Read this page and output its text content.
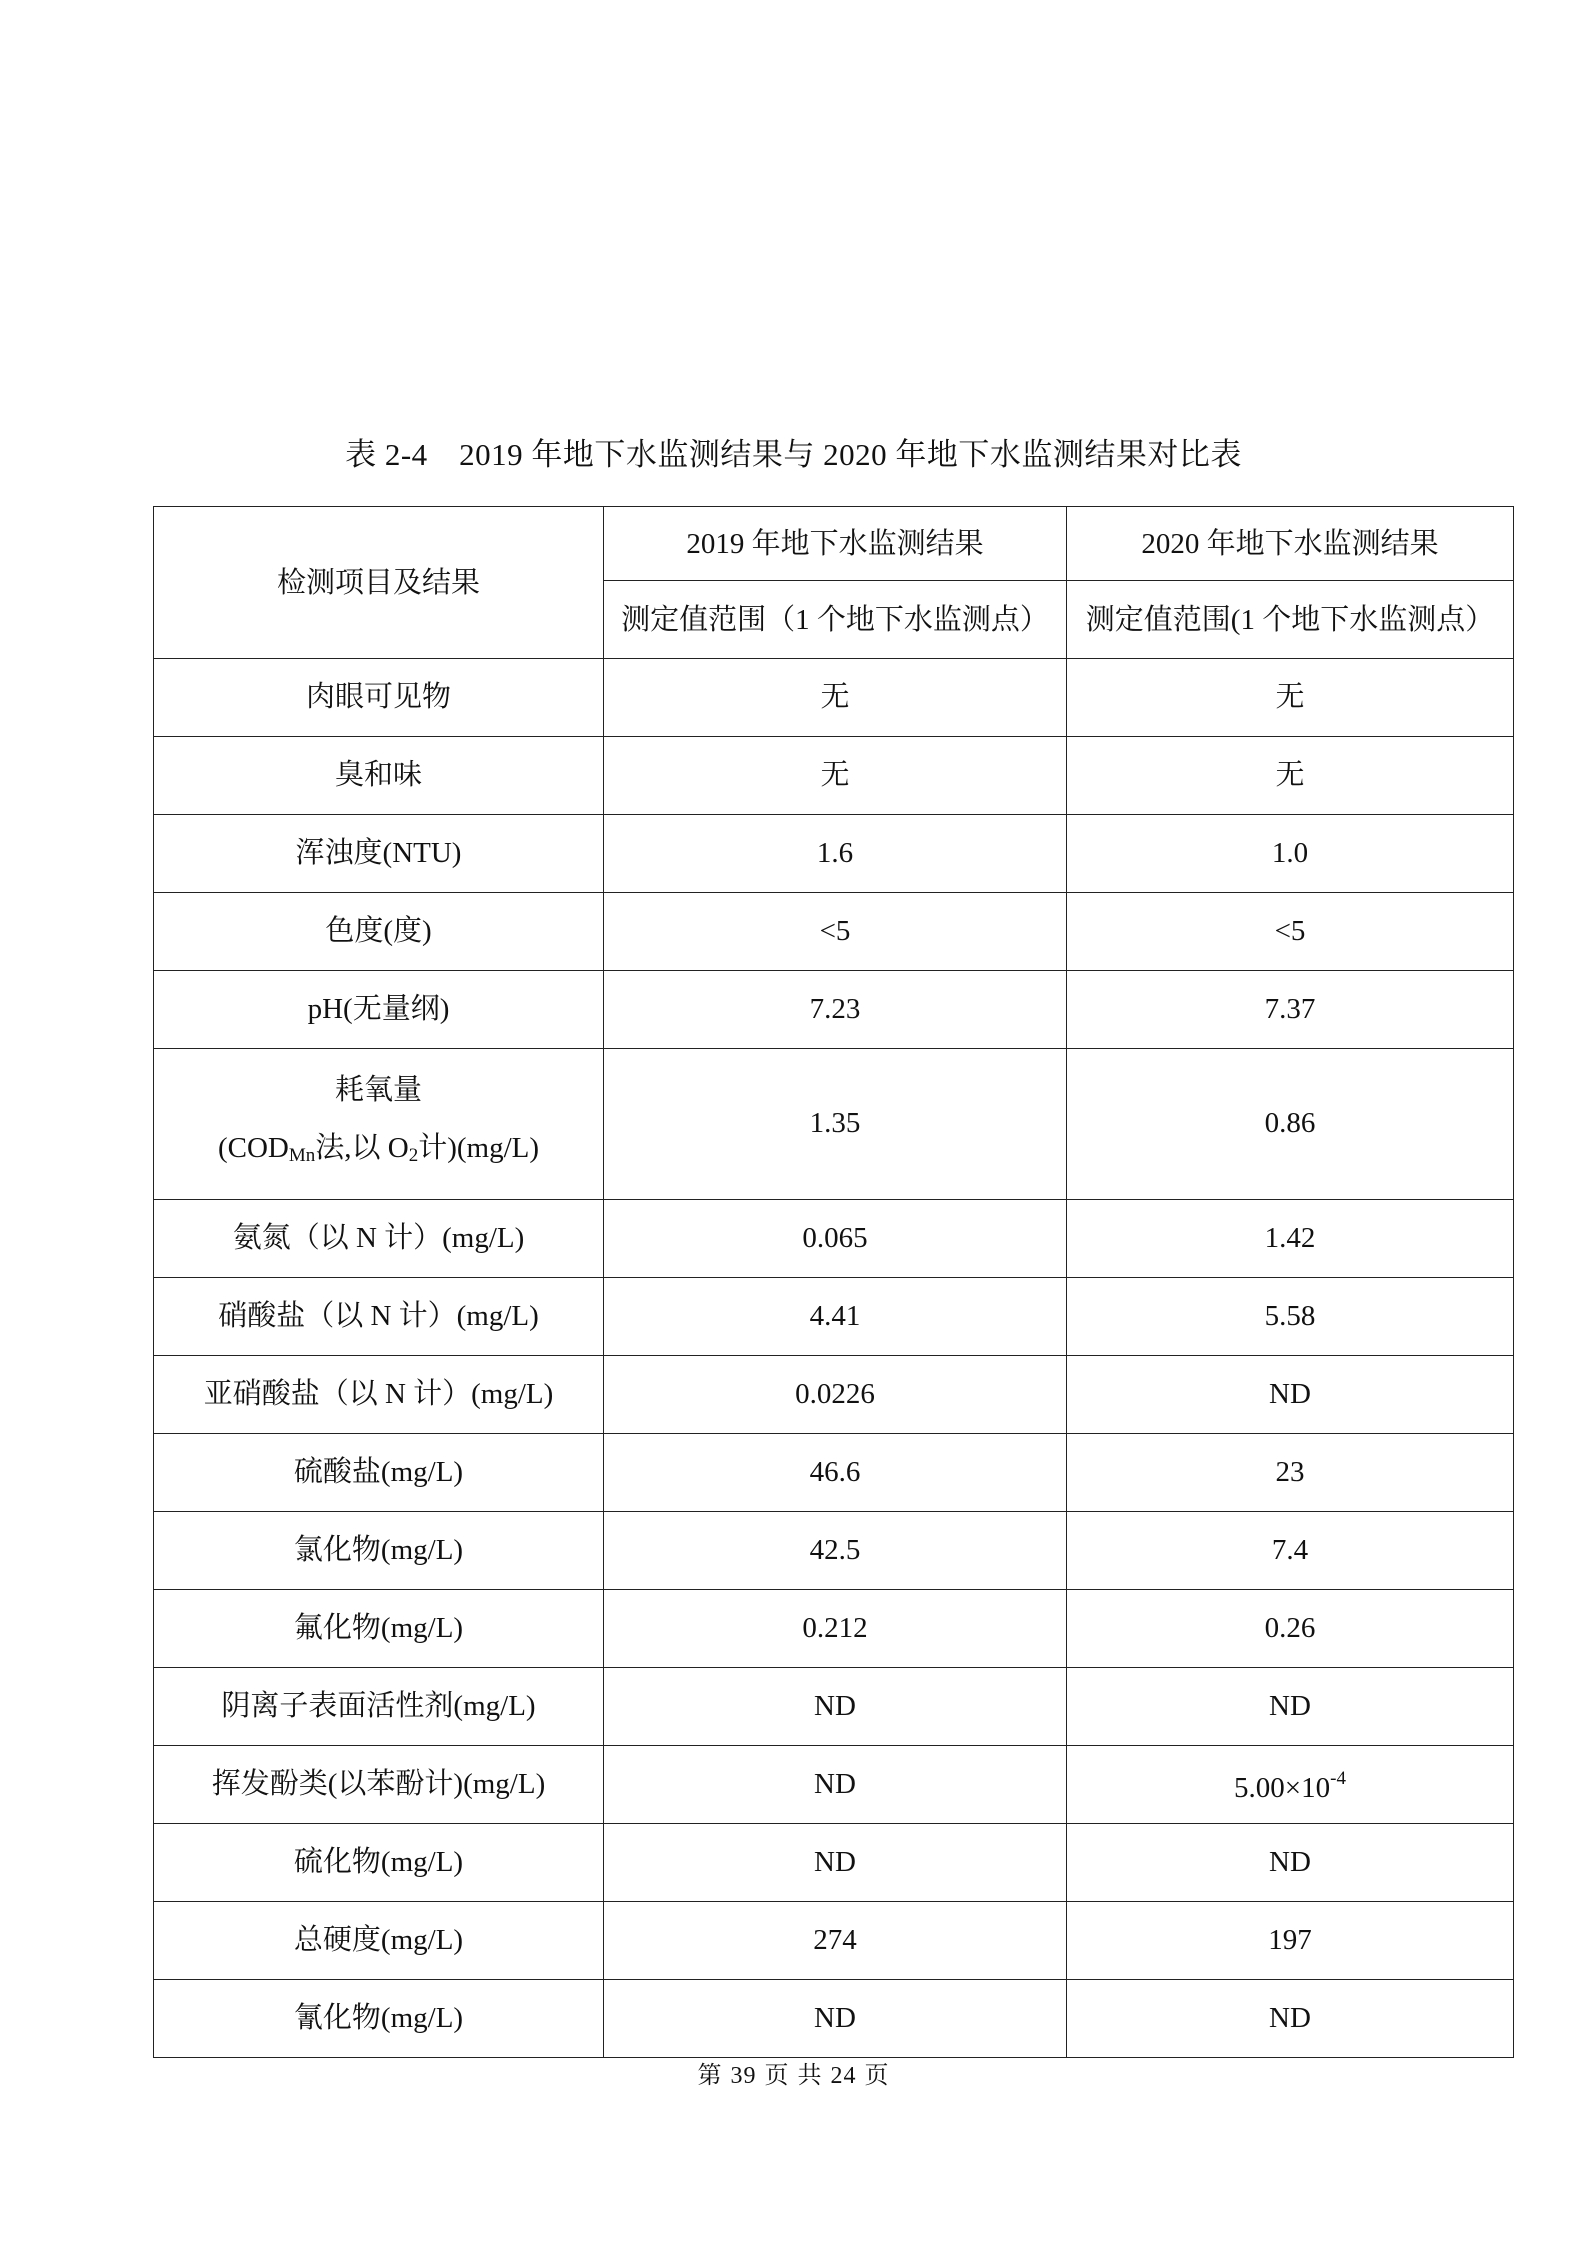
表 2-4　2019 年地下水监测结果与 2020 年地下水监测结果对比表
检测项目及结果	2019 年地下水监测结果	2020 年地下水监测结果
	测定值范围（1 个地下水监测点）	测定值范围(1 个地下水监测点）
肉眼可见物	无	无
臭和味	无	无
浑浊度(NTU)	1.6	1.0
色度(度)	<5	<5
pH(无量纲)	7.23	7.37

耗氧量
($COD_{Mn}$法,以 $O_2$计)(mg/L)	1.35	0.86
氨氮（以 N 计）(mg/L)	0.065	1.42
硝酸盐（以 N 计）(mg/L)	4.41	5.58
亚硝酸盐（以 N 计）(mg/L)	0.0226	ND
硫酸盐(mg/L)	46.6	23
氯化物(mg/L)	42.5	7.4
氟化物(mg/L)	0.212	0.26
阴离子表面活性剂(mg/L)	ND	ND
挥发酚类(以苯酚计)(mg/L)	ND	$5.00\times 10^{-4}$
硫化物(mg/L)	ND	ND
总硬度(mg/L)	274	197
氰化物(mg/L)	ND	ND
第 39 页 共 24 页
